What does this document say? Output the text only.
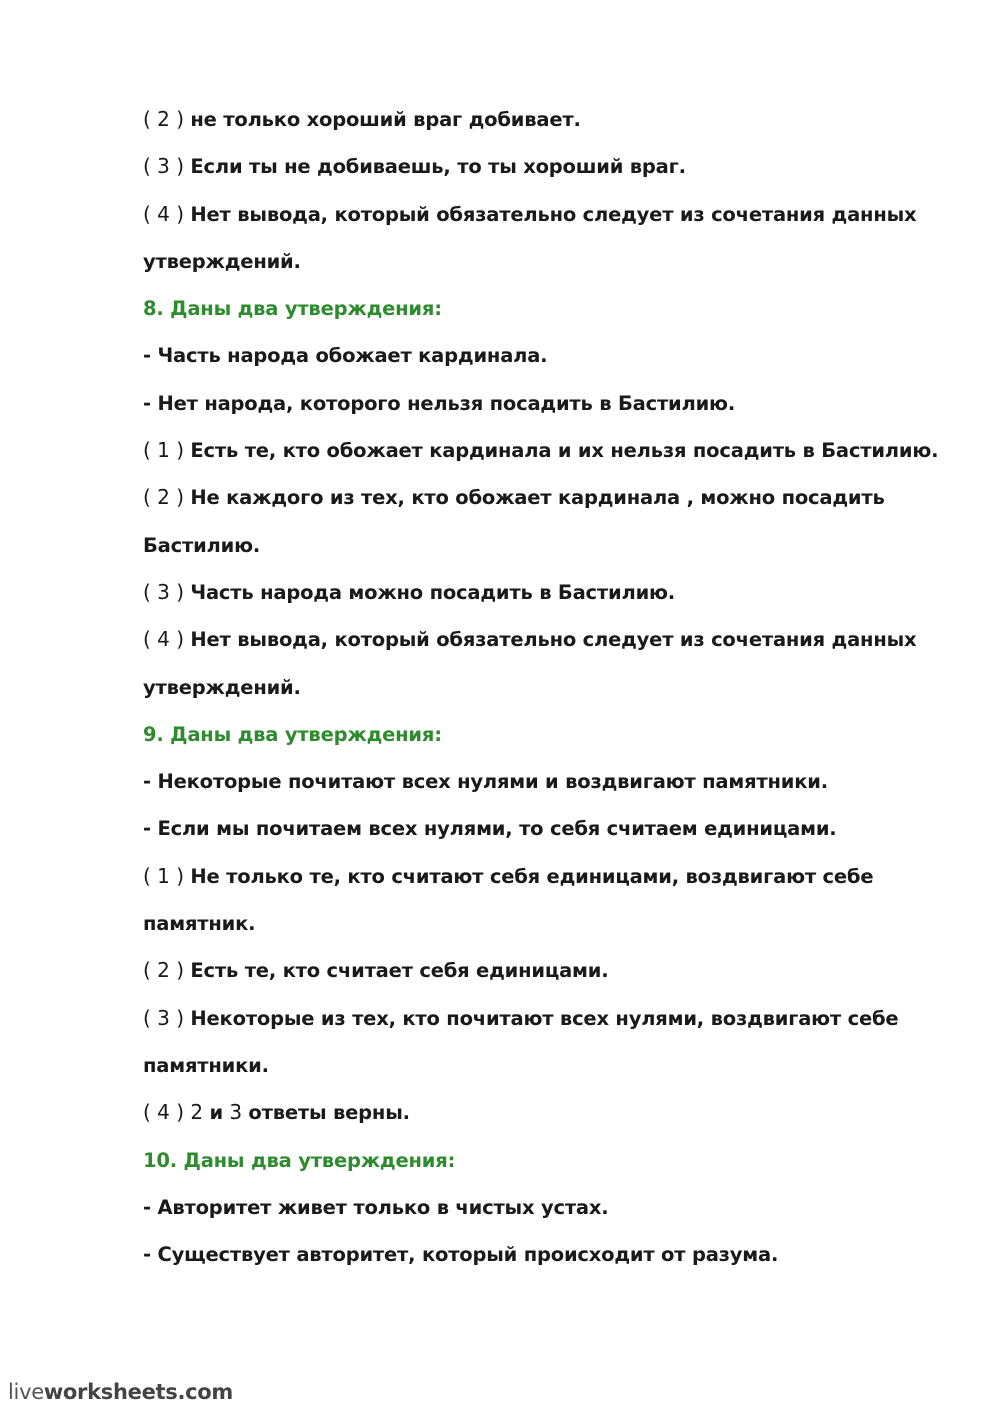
( 2 ) не только хороший враг добивает.

( 3 ) Если ты не добиваешь, то ты хороший враг.

( 4 ) Нет вывода, который обязательно следует из сочетания данных

утверждений.

8. Даны два утверждения:

- Часть народа обожает кардинала.

- Нет народа, которого нельзя посадить в Бастилию.

( 1 ) Есть те, кто обожает кардинала и их нельзя посадить в Бастилию.

( 2 ) Не каждого из тех, кто обожает кардинала , можно посадить

Бастилию.

( 3 ) Часть народа можно посадить в Бастилию.

( 4 ) Нет вывода, который обязательно следует из сочетания данных

утверждений.

9. Даны два утверждения:

- Некоторые почитают всех нулями и воздвигают памятники.

- Если мы почитаем всех нулями, то себя считаем единицами.

( 1 ) Не только те, кто считают себя единицами, воздвигают себе

памятник.

( 2 ) Есть те, кто считает себя единицами.

( 3 ) Некоторые из тех, кто почитают всех нулями, воздвигают себе

памятники.

( 4 ) 2 и 3 ответы верны.

10. Даны два утверждения:

- Авторитет живет только в чистых устах.

- Существует авторитет, который происходит от разума.

liveworksheets.com
